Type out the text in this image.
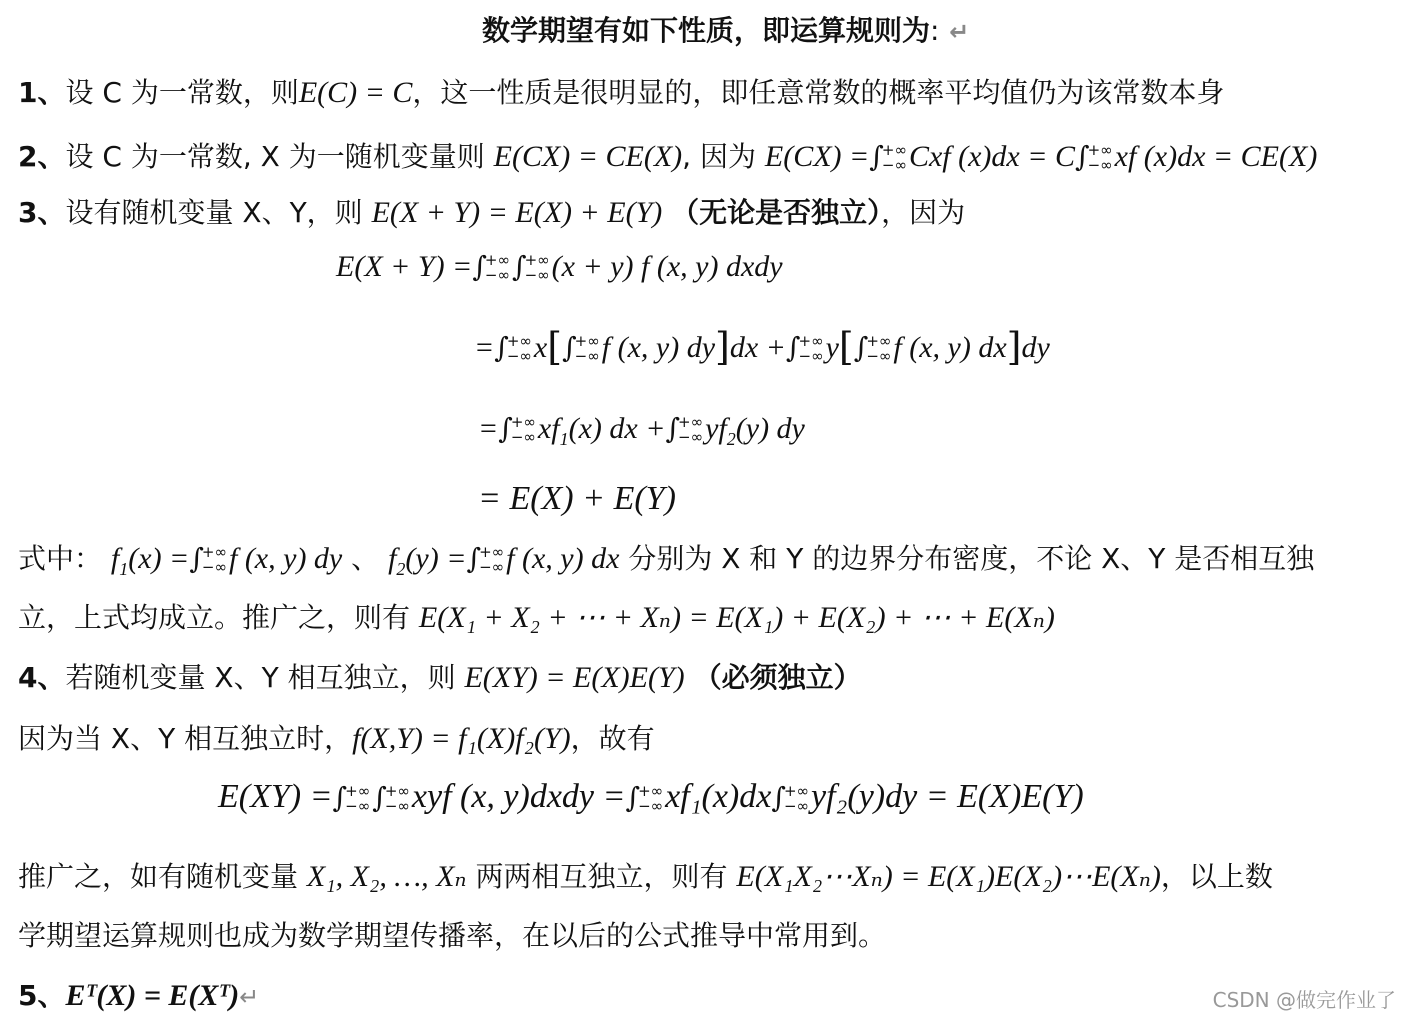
数学期望有如下性质，即运算规则为: ↵
1、设 C 为一常数，则E(C) = C，这一性质是很明显的，即任意常数的概率平均值仍为该常数本身
2、设 C 为一常数, X 为一随机变量则 E(CX) = CE(X), 因为 E(CX) =∫
+∞
−∞ Cxf (x)dx = C∫
+∞
−∞ xf (x)dx = CE(X)
3、设有随机变量 X、Y，则 E(X + Y) = E(X) + E(Y) （无论是否独立），因为
E(X + Y) =∫
+∞
−∞ ∫
+∞
−∞ (x + y) f (x, y) dxdy
=∫
+∞
−∞ x[∫
+∞
−∞ f (x, y) dy]dx +∫
+∞
−∞ y[∫
+∞
−∞ f (x, y) dx]dy
=∫
+∞
−∞ $xf_1(x)$ dx +∫
+∞
−∞ $yf_2(y)$ dy
= E(X) + E(Y)
式中： $f_1(x)$ =∫
+∞
−∞ f (x, y) dy 、 $f_2(y)$ =∫
+∞
−∞ f (x, y) dx 分别为 X 和 Y 的边界分布密度，不论 X、Y 是否相互独
立，上式均成立。推广之，则有 E(X₁ + X₂ + ⋯ + Xₙ) = E(X₁) + E(X₂) + ⋯ + E(Xₙ)
4、若随机变量 X、Y 相互独立，则 E(XY) = E(X)E(Y) （必须独立）
因为当 X、Y 相互独立时，f(X,Y) = f₁(X)f₂(Y)，故有
E(XY) =∫
+∞
−∞ ∫
+∞
−∞ xyf (x, y)dxdy =∫
+∞
−∞ xf₁(x)dx∫
+∞
−∞ yf₂(y)dy = E(X)E(Y)
推广之，如有随机变量 X₁, X₂, …, Xₙ 两两相互独立，则有 E(X₁X₂⋯Xₙ) = E(X₁)E(X₂)⋯E(Xₙ)，以上数
学期望运算规则也成为数学期望传播率，在以后的公式推导中常用到。
5、Eᵀ(X) = E(Xᵀ)↵	CSDN @做完作业了
